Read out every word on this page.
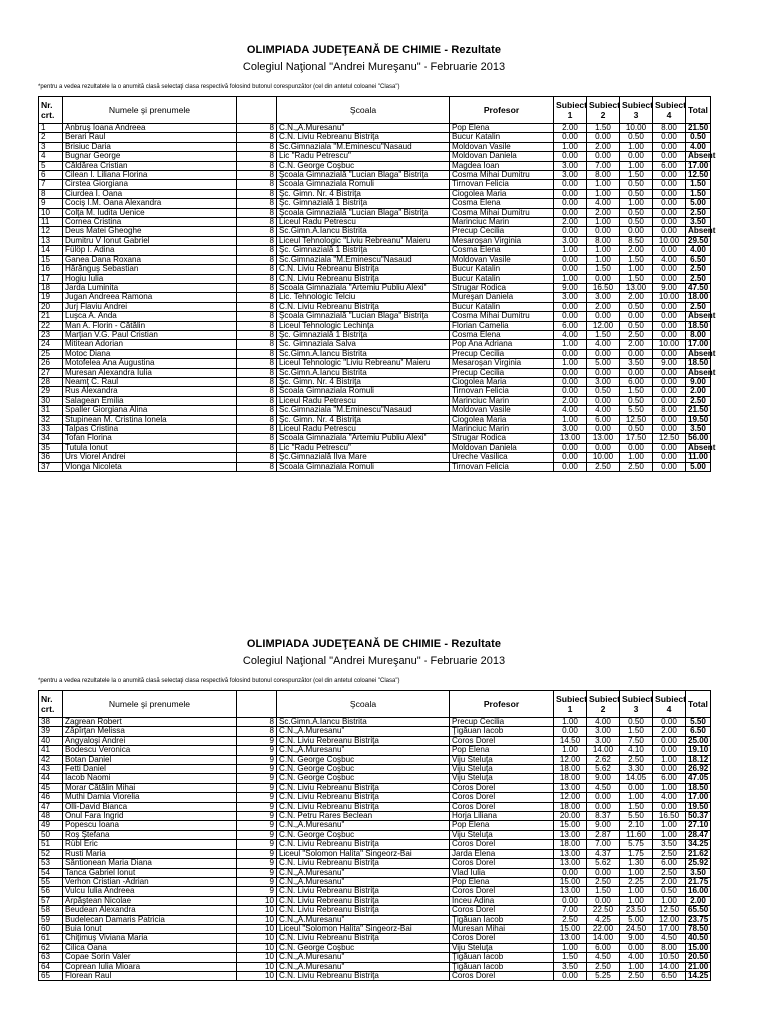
OLIMPIADA JUDEŢEANĂ DE CHIMIE - Rezultate
Colegiul Naţional "Andrei Mureşanu" - Februarie 2013
*pentru a vedea rezultatele la o anumită clasă selectaţi clasa respectivă folosind butonul corespunzător (cel din antetul coloanei "Clasa")
Nr. crt.	Numele şi prenumele		Şcoala	Profesor	Subiect 1	Subiect 2	Subiect 3	Subiect 4	Total
1	Anbruş Ioana Andreea	8	C.N.„A.Muresanu"	Pop Elena	2.00	1.50	10.00	8.00	21.50
2	Berari Raul	8	C.N. Liviu Rebreanu Bistriţa	Bucur Katalin	0.00	0.00	0.50	0.00	0.50
3	Brisiuc Daria	8	Sc.Gimnaziala "M.Eminescu"Nasaud	Moldovan Vasile	1.00	2.00	1.00	0.00	4.00
4	Bugnar George	8	Lic "Radu Petrescu"	Moldovan Daniela	0.00	0.00	0.00	0.00	Absent
5	Căldărea Cristian	8	C.N. George Coşbuc	Magdea Ioan	3.00	7.00	1.00	6.00	17.00
6	Cilean I. Liliana Florina	8	Şcoala Gimnazială "Lucian Blaga" Bistriţa	Cosma Mihai Dumitru	3.00	8.00	1.50	0.00	12.50
7	Cirstea Giorgiana	8	Scoala Gimnaziala Romuli	Tirnovan Felicia	0.00	1.00	0.50	0.00	1.50
8	Ciurdea I. Oana	8	Şc. Gimn. Nr. 4 Bistriţa	Ciogolea Maria	0.00	1.00	0.50	0.00	1.50
9	Cociş I.M. Oana Alexandra	8	Şc. Gimnazială 1 Bistriţa	Cosma Elena	0.00	4.00	1.00	0.00	5.00
10	Colţa M. Iudita Uenice	8	Şcoala Gimnazială "Lucian Blaga" Bistriţa	Cosma Mihai Dumitru	0.00	2.00	0.50	0.00	2.50
11	Cornea Cristina	8	Liceul Radu Petrescu	Marinciuc Marin	2.00	1.00	0.50	0.00	3.50
12	Deus Matei Gheoghe	8	Sc.Gimn.A.Iancu Bistrita	Precup Cecilia	0.00	0.00	0.00	0.00	Absent
13	Dumitru V Ionut Gabriel	8	Liceul Tehnologic "Liviu Rebreanu" Maieru	Mesaroşan Virginia	3.00	8.00	8.50	10.00	29.50
14	Fülöp I. Adina	8	Şc. Gimnazială 1 Bistriţa	Cosma Elena	1.00	1.00	2.00	0.00	4.00
15	Ganea Dana Roxana	8	Sc.Gimnaziala "M.Eminescu"Nasaud	Moldovan Vasile	0.00	1.00	1.50	4.00	6.50
16	Hărănguş Sebastian	8	C.N. Liviu Rebreanu Bistriţa	Bucur Katalin	0.00	1.50	1.00	0.00	2.50
17	Hogiu Iulia	8	C.N. Liviu Rebreanu Bistriţa	Bucur Katalin	1.00	0.00	1.50	0.00	2.50
18	Jarda Luminita	8	Scoala Gimnaziala "Artemiu Publiu Alexi"	Strugar Rodica	9.00	16.50	13.00	9.00	47.50
19	Jugan Andreea Ramona	8	Lic. Tehnologic Telciu	Mureşan Daniela	3.00	3.00	2.00	10.00	18.00
20	Jurj Flaviu Andrei	8	C.N. Liviu Rebreanu Bistriţa	Bucur Katalin	0.00	2.00	0.50	0.00	2.50
21	Luşca A. Anda	8	Şcoala Gimnazială "Lucian Blaga" Bistriţa	Cosma Mihai Dumitru	0.00	0.00	0.00	0.00	Absent
22	Man A. Florin - Cătălin	8	Liceul Tehnologic Lechinţa	Florian Camelia	6.00	12.00	0.50	0.00	18.50
23	Marţian V.G. Paul Cristian	8	Şc. Gimnazială 1 Bistriţa	Cosma Elena	4.00	1.50	2.50	0.00	8.00
24	Mititean Adorian	8	Sc. Gimnaziala Salva	Pop Ana Adriana	1.00	4.00	2.00	10.00	17.00
25	Motoc Diana	8	Sc.Gimn.A.Iancu Bistrita	Precup Cecilia	0.00	0.00	0.00	0.00	Absent
26	Motofelea Ana Augustina	8	Liceul Tehnologic "Liviu Rebreanu" Maieru	Mesaroşan Virginia	1.00	5.00	3.50	9.00	18.50
27	Muresan Alexandra Iulia	8	Sc.Gimn.A.Iancu Bistrita	Precup Cecilia	0.00	0.00	0.00	0.00	Absent
28	Neamţ C. Raul	8	Şc. Gimn. Nr. 4 Bistriţa	Ciogolea Maria	0.00	3.00	6.00	0.00	9.00
29	Rus Alexandra	8	Scoala Gimnaziala Romuli	Tirnovan Felicia	0.00	0.50	1.50	0.00	2.00
30	Salagean Emilia	8	Liceul Radu Petrescu	Marinciuc Marin	2.00	0.00	0.50	0.00	2.50
31	Spaller Giorgiana Alina	8	Sc.Gimnaziala "M.Eminescu"Nasaud	Moldovan Vasile	4.00	4.00	5.50	8.00	21.50
32	Stupinean M. Cristina Ionela	8	Şc. Gimn. Nr. 4 Bistriţa	Ciogolea Maria	1.00	6.00	12.50	0.00	19.50
33	Talpas Cristina	8	Liceul Radu Petrescu	Marinciuc Marin	3.00	0.00	0.50	0.00	3.50
34	Tofan Florina	8	Scoala Gimnaziala "Artemiu Publiu Alexi"	Strugar Rodica	13.00	13.00	17.50	12.50	56.00
35	Tutula Ionut	8	Lic "Radu Petrescu"	Moldovan Daniela	0.00	0.00	0.00	0.00	Absent
36	Urs Viorel Andrei	8	Şc.Gimnazială Ilva Mare	Ureche Vasilica	0.00	10.00	1.00	0.00	11.00
37	Vlonga Nicoleta	8	Scoala Gimnaziala Romuli	Tirnovan Felicia	0.00	2.50	2.50	0.00	5.00
OLIMPIADA JUDEŢEANĂ DE CHIMIE - Rezultate
Colegiul Naţional "Andrei Mureşanu" - Februarie 2013
*pentru a vedea rezultatele la o anumită clasă selectaţi clasa respectivă folosind butonul corespunzător (cel din antetul coloanei "Clasa")
Nr. crt.	Numele şi prenumele		Şcoala	Profesor	Subiect 1	Subiect 2	Subiect 3	Subiect 4	Total
38	Zagrean Robert	8	Sc.Gimn.A.Iancu Bistrita	Precup Cecilia	1.00	4.00	0.50	0.00	5.50
39	Zăpîrţan Melissa	8	C.N.„A.Muresanu"	Ţigăuan Iacob	0.00	3.00	1.50	2.00	6.50
40	Angyaloşi Andrei	9	C.N. Liviu Rebreanu Bistriţa	Coros Dorel	14.50	3.00	7.50	0.00	25.00
41	Bodescu Veronica	9	C.N.„A.Muresanu"	Pop Elena	1.00	14.00	4.10	0.00	19.10
42	Botan Daniel	9	C.N. George Coşbuc	Viju Steluţa	12.00	2.62	2.50	1.00	18.12
43	Fetti Daniel	9	C.N. George Coşbuc	Viju Steluţa	18.00	5.62	3.30	0.00	26.92
44	Iacob Naomi	9	C.N. George Coşbuc	Viju Steluţa	18.00	9.00	14.05	6.00	47.05
45	Morar Cătălin Mihai	9	C.N. Liviu Rebreanu Bistriţa	Coros Dorel	13.00	4.50	0.00	1.00	18.50
46	Muthi Damia Viorelia	9	C.N. Liviu Rebreanu Bistriţa	Coros Dorel	12.00	0.00	1.00	4.00	17.00
47	Olli-David Bianca	9	C.N. Liviu Rebreanu Bistriţa	Coros Dorel	18.00	0.00	1.50	0.00	19.50
48	Onul Fara Ingrid	9	C.N. Petru Rares Beclean	Horja Liliana	20.00	8.37	5.50	16.50	50.37
49	Popescu Ioana	9	C.N.„A.Muresanu"	Pop Elena	15.00	9.00	2.10	1.00	27.10
50	Roş Ştefana	9	C.N. George Coşbuc	Viju Steluţa	13.00	2.87	11.60	1.00	28.47
51	Rübl Eric	9	C.N. Liviu Rebreanu Bistriţa	Coros Dorel	18.00	7.00	5.75	3.50	34.25
52	Rusti Maria	9	Liceul "Solomon Halita" Singeorz-Bai	Jarda Elena	13.00	4.37	1.75	2.50	21.62
53	Săntionean Maria Diana	9	C.N. Liviu Rebreanu Bistriţa	Coros Dorel	13.00	5.62	1.30	6.00	25.92
54	Tanca Gabriel Ionut	9	C.N.„A.Muresanu"	Vlad Iulia	0.00	0.00	1.00	2.50	3.50
55	Verhon Cristian -Adrian	9	C.N.„A.Muresanu"	Pop Elena	15.00	2.50	2.25	2.00	21.75
56	Vulcu Iulia Andreea	9	C.N. Liviu Rebreanu Bistriţa	Coros Dorel	13.00	1.50	1.00	0.50	16.00
57	Arpăştean Nicolae	10	C.N. Liviu Rebreanu Bistriţa	Inceu Adina	0.00	0.00	1.00	1.00	2.00
58	Beudean Alexandra	10	C.N. Liviu Rebreanu Bistriţa	Coros Dorel	7.00	22.50	23.50	12.50	65.50
59	Budelecan Damaris Patricia	10	C.N.„A.Muresanu"	Ţigăuan Iacob	2.50	4.25	5.00	12.00	23.75
60	Buia Ionut	10	Liceul "Solomon Halita" Singeorz-Bai	Muresan Mihai	15.00	22.00	24.50	17.00	78.50
61	Chiţimuş Viviana Maria	10	C.N. Liviu Rebreanu Bistriţa	Coros Dorel	13.00	14.00	9.00	4.50	40.50
62	Cilica Oana	10	C.N. George Coşbuc	Viju Steluţa	1.00	6.00	0.00	8.00	15.00
63	Copae Sorin Valer	10	C.N.„A.Muresanu"	Ţigăuan Iacob	1.50	4.50	4.00	10.50	20.50
64	Coprean Iulia Mioara	10	C.N.„A.Muresanu"	Ţigăuan Iacob	3.50	2.50	1.00	14.00	21.00
65	Florean Raul	10	C.N. Liviu Rebreanu Bistriţa	Coros Dorel	0.00	5.25	2.50	6.50	14.25
